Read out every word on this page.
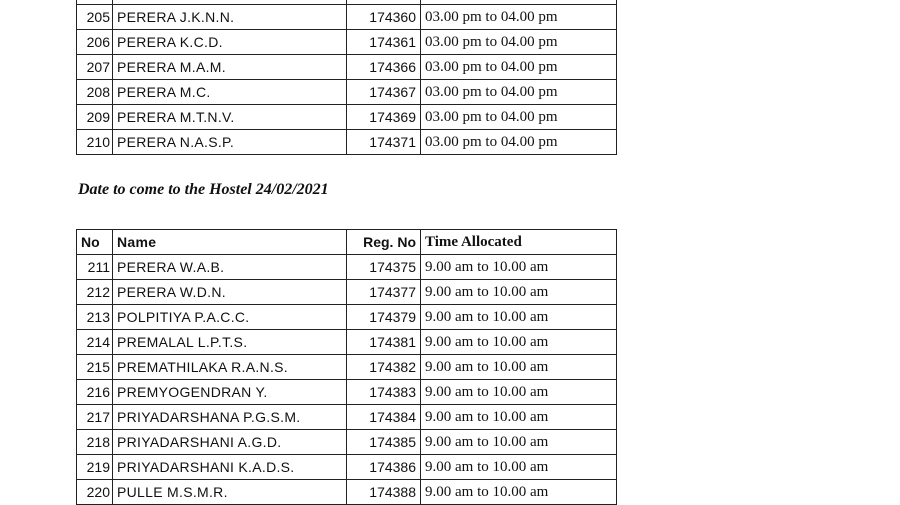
205	PERERA J.K.N.N.	174360	03.00 pm to 04.00 pm
206	PERERA K.C.D.	174361	03.00 pm to 04.00 pm
207	PERERA M.A.M.	174366	03.00 pm to 04.00 pm
208	PERERA M.C.	174367	03.00 pm to 04.00 pm
209	PERERA M.T.N.V.	174369	03.00 pm to 04.00 pm
210	PERERA N.A.S.P.	174371	03.00 pm to 04.00 pm

Date to come to the Hostel 24/02/2021

No	Name	Reg. No	Time Allocated
211	PERERA W.A.B.	174375	9.00 am to 10.00 am
212	PERERA W.D.N.	174377	9.00 am to 10.00 am
213	POLPITIYA P.A.C.C.	174379	9.00 am to 10.00 am
214	PREMALAL L.P.T.S.	174381	9.00 am to 10.00 am
215	PREMATHILAKA R.A.N.S.	174382	9.00 am to 10.00 am
216	PREMYOGENDRAN Y.	174383	9.00 am to 10.00 am
217	PRIYADARSHANA P.G.S.M.	174384	9.00 am to 10.00 am
218	PRIYADARSHANI A.G.D.	174385	9.00 am to 10.00 am
219	PRIYADARSHANI K.A.D.S.	174386	9.00 am to 10.00 am
220	PULLE M.S.M.R.	174388	9.00 am to 10.00 am
